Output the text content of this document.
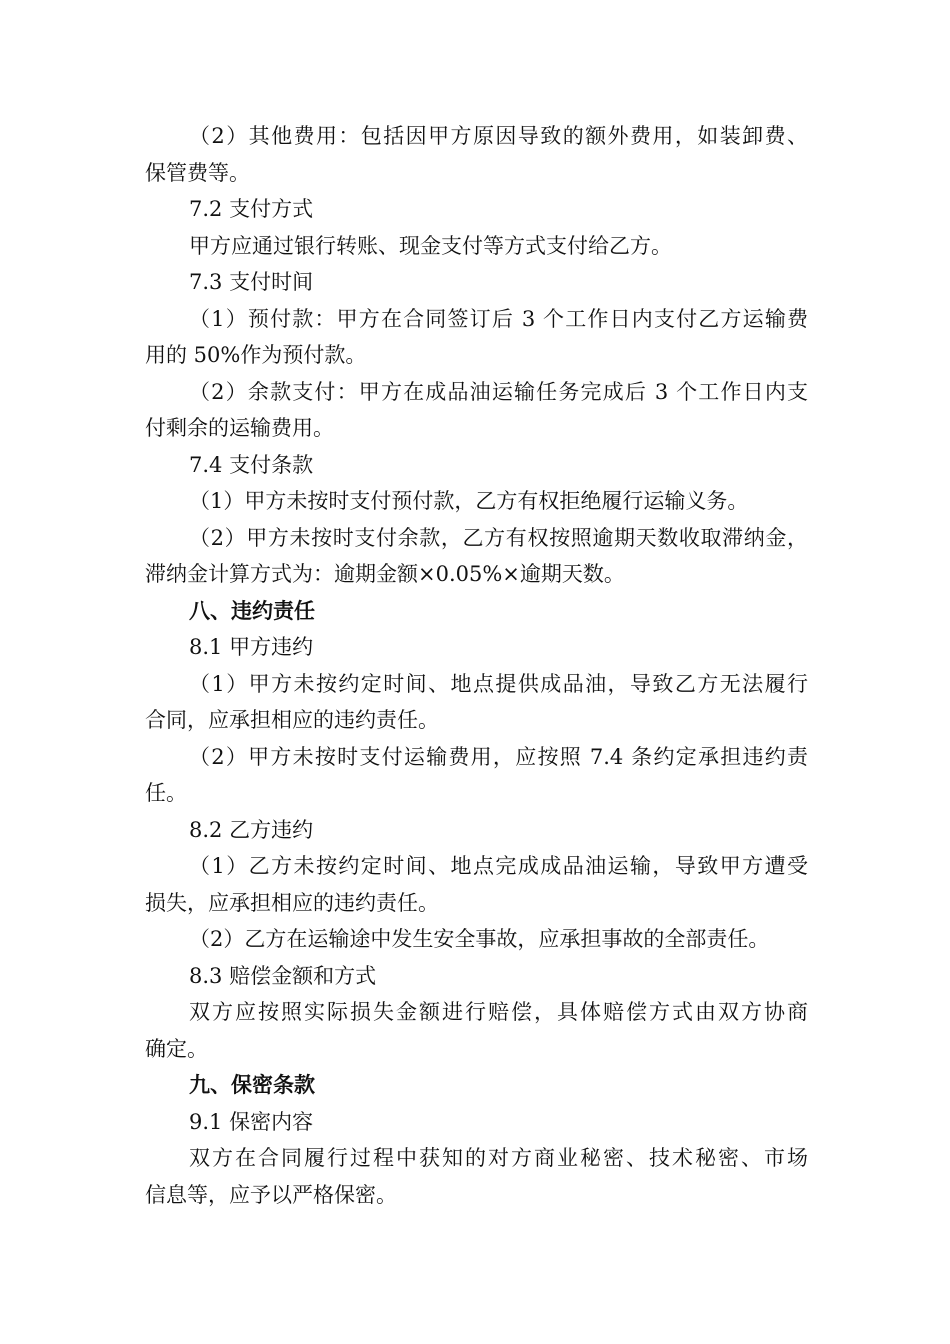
（2）其他费用：包括因甲方原因导致的额外费用，如装卸费、
保管费等。
7.2 支付方式
甲方应通过银行转账、现金支付等方式支付给乙方。
7.3 支付时间
（1）预付款：甲方在合同签订后 3 个工作日内支付乙方运输费
用的 50%作为预付款。
（2）余款支付：甲方在成品油运输任务完成后 3 个工作日内支
付剩余的运输费用。
7.4 支付条款
（1）甲方未按时支付预付款，乙方有权拒绝履行运输义务。
（2）甲方未按时支付余款，乙方有权按照逾期天数收取滞纳金，
滞纳金计算方式为：逾期金额×0.05%×逾期天数。
八、违约责任
8.1 甲方违约
（1）甲方未按约定时间、地点提供成品油，导致乙方无法履行
合同，应承担相应的违约责任。
（2）甲方未按时支付运输费用，应按照 7.4 条约定承担违约责
任。
8.2 乙方违约
（1）乙方未按约定时间、地点完成成品油运输，导致甲方遭受
损失，应承担相应的违约责任。
（2）乙方在运输途中发生安全事故，应承担事故的全部责任。
8.3 赔偿金额和方式
双方应按照实际损失金额进行赔偿，具体赔偿方式由双方协商
确定。
九、保密条款
9.1 保密内容
双方在合同履行过程中获知的对方商业秘密、技术秘密、市场
信息等，应予以严格保密。
